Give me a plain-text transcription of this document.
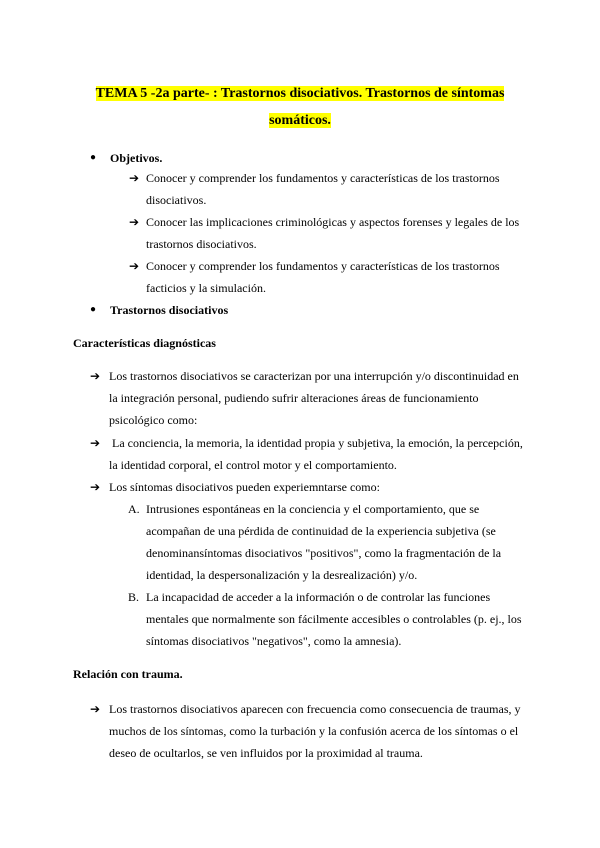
TEMA 5 -2a parte- : Trastornos disociativos. Trastornos de síntomas
somáticos.
● Objetivos.
➔ Conocer y comprender los fundamentos y características de los trastornos
disociativos.
➔ Conocer las implicaciones criminológicas y aspectos forenses y legales de los
trastornos disociativos.
➔ Conocer y comprender los fundamentos y características de los trastornos
facticios y la simulación.
● Trastornos disociativos
Características diagnósticas
➔ Los trastornos disociativos se caracterizan por una interrupción y/o discontinuidad en
la integración personal, pudiendo sufrir alteraciones áreas de funcionamiento
psicológico como:
➔ La conciencia, la memoria, la identidad propia y subjetiva, la emoción, la percepción,
la identidad corporal, el control motor y el comportamiento.
➔ Los síntomas disociativos pueden experiemntarse como:
A. Intrusiones espontáneas en la conciencia y el comportamiento, que se
acompañan de una pérdida de continuidad de la experiencia subjetiva (se
denominansíntomas disociativos "positivos", como la fragmentación de la
identidad, la despersonalización y la desrealización) y/o.
B. La incapacidad de acceder a la información o de controlar las funciones
mentales que normalmente son fácilmente accesibles o controlables (p. ej., los
síntomas disociativos "negativos", como la amnesia).
Relación con trauma.
➔ Los trastornos disociativos aparecen con frecuencia como consecuencia de traumas, y
muchos de los síntomas, como la turbación y la confusión acerca de los síntomas o el
deseo de ocultarlos, se ven influidos por la proximidad al trauma.
